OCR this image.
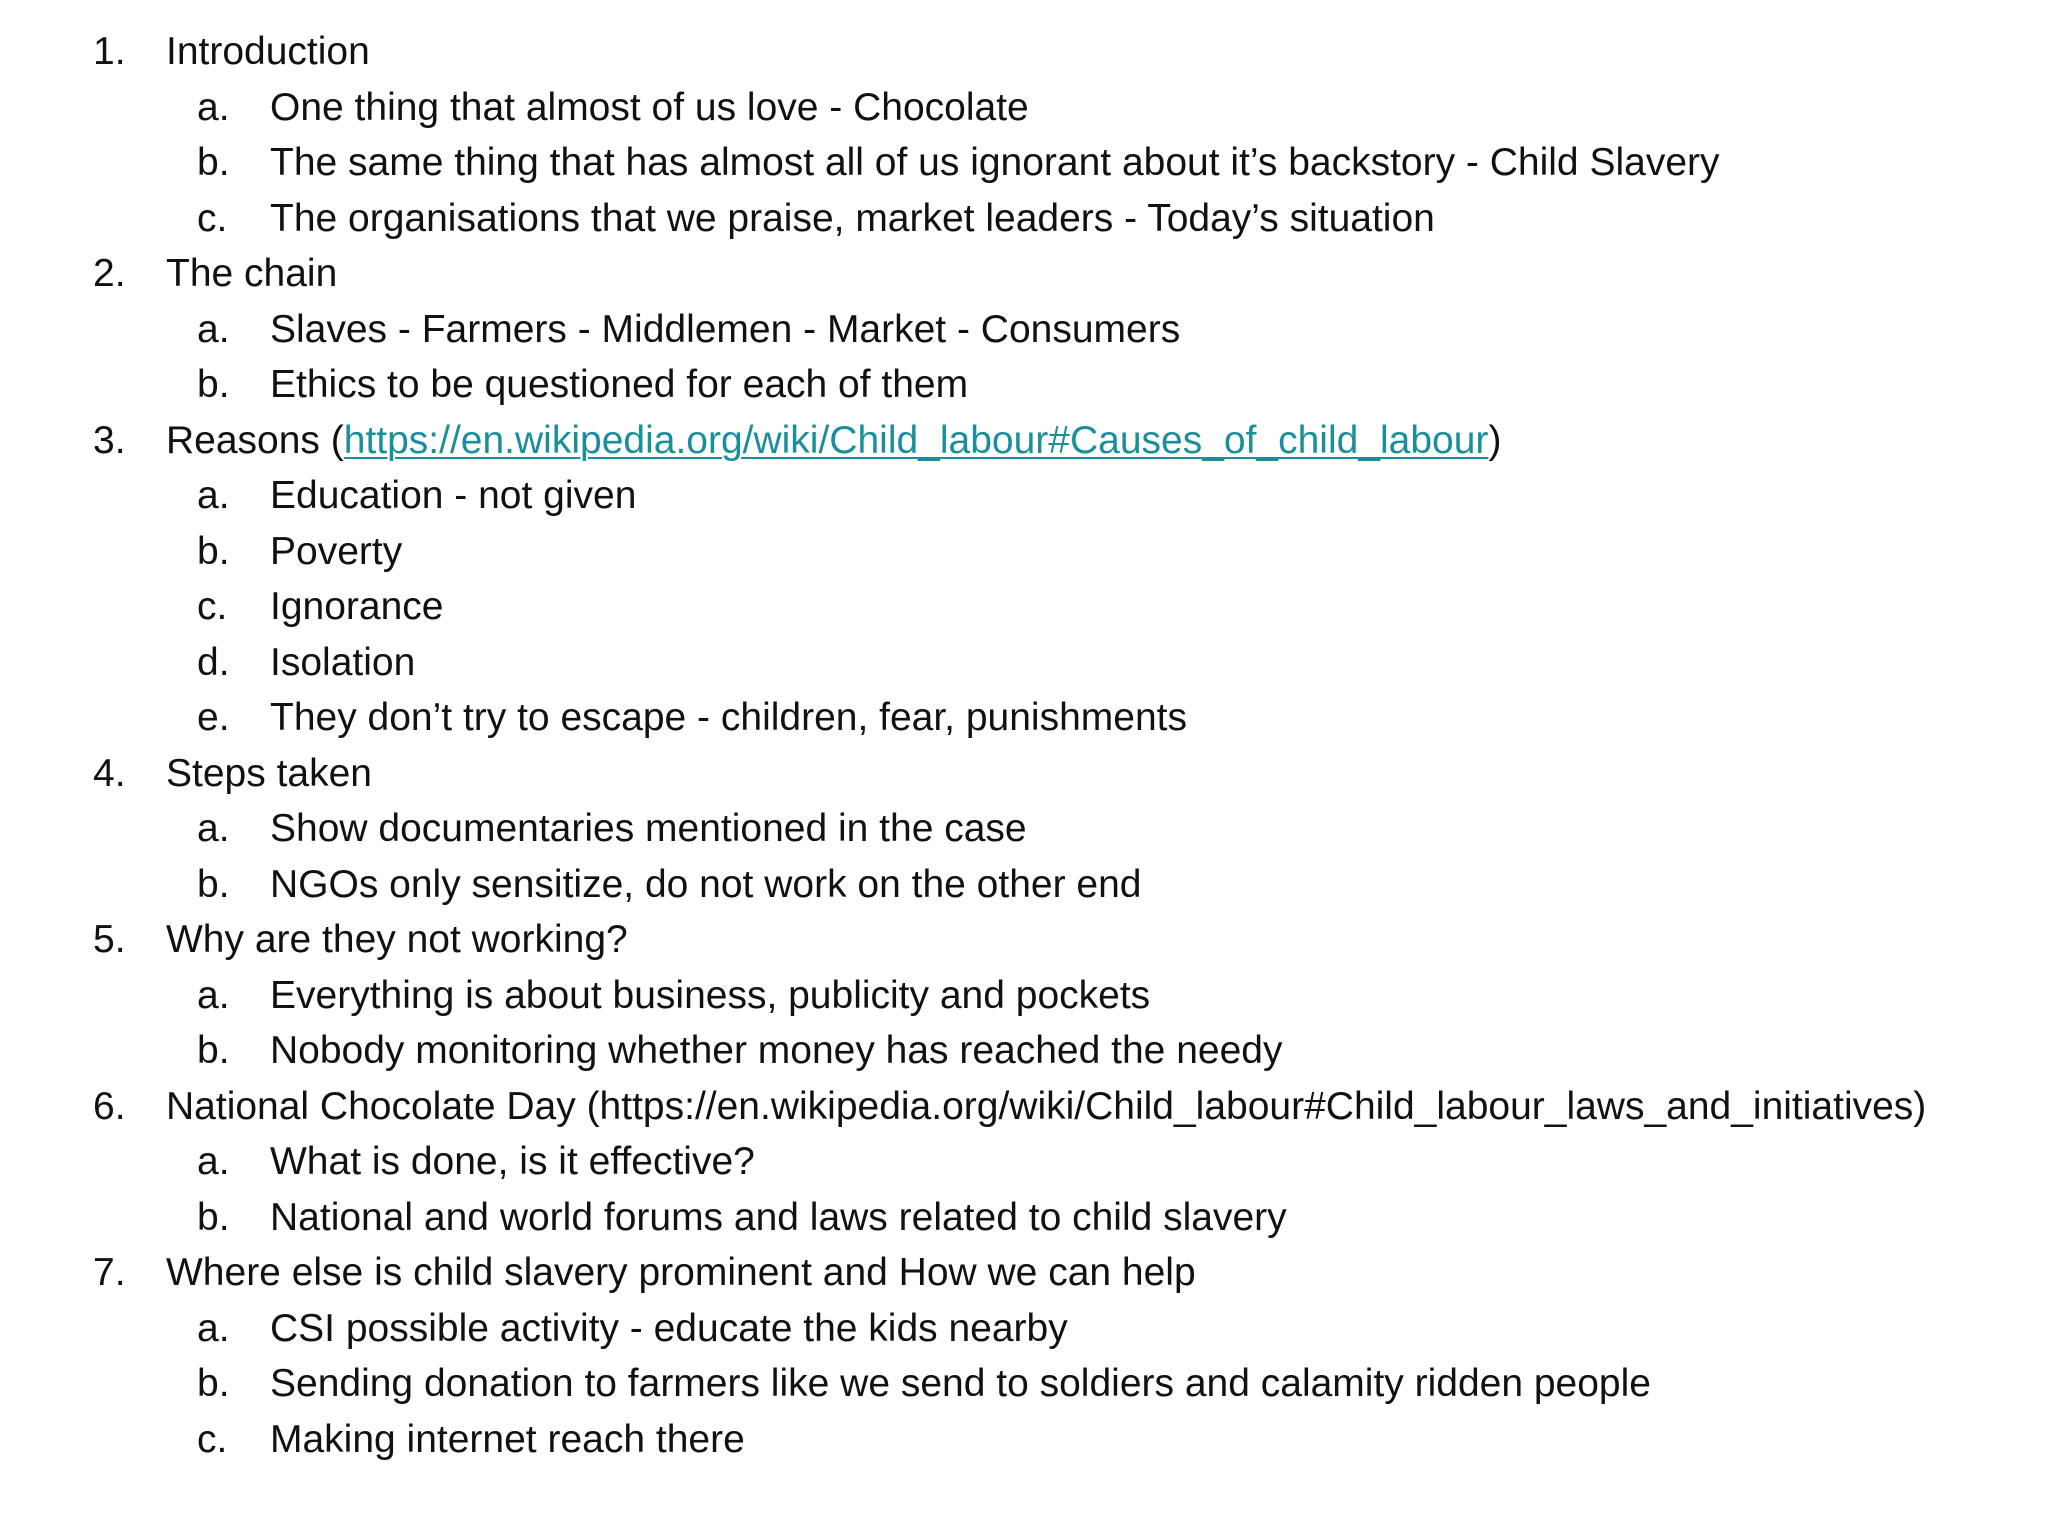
1. Introduction
a. One thing that almost of us love - Chocolate
b. The same thing that has almost all of us ignorant about it’s backstory - Child Slavery
c. The organisations that we praise, market leaders - Today’s situation
2. The chain
a. Slaves - Farmers - Middlemen - Market - Consumers
b. Ethics to be questioned for each of them
3. Reasons (https://en.wikipedia.org/wiki/Child_labour#Causes_of_child_labour)
a. Education - not given
b. Poverty
c. Ignorance
d. Isolation
e. They don’t try to escape - children, fear, punishments
4. Steps taken
a. Show documentaries mentioned in the case
b. NGOs only sensitize, do not work on the other end
5. Why are they not working?
a. Everything is about business, publicity and pockets
b. Nobody monitoring whether money has reached the needy
6. National Chocolate Day (https://en.wikipedia.org/wiki/Child_labour#Child_labour_laws_and_initiatives)
a. What is done, is it effective?
b. National and world forums and laws related to child slavery
7. Where else is child slavery prominent and How we can help
a. CSI possible activity - educate the kids nearby
b. Sending donation to farmers like we send to soldiers and calamity ridden people
c. Making internet reach there
